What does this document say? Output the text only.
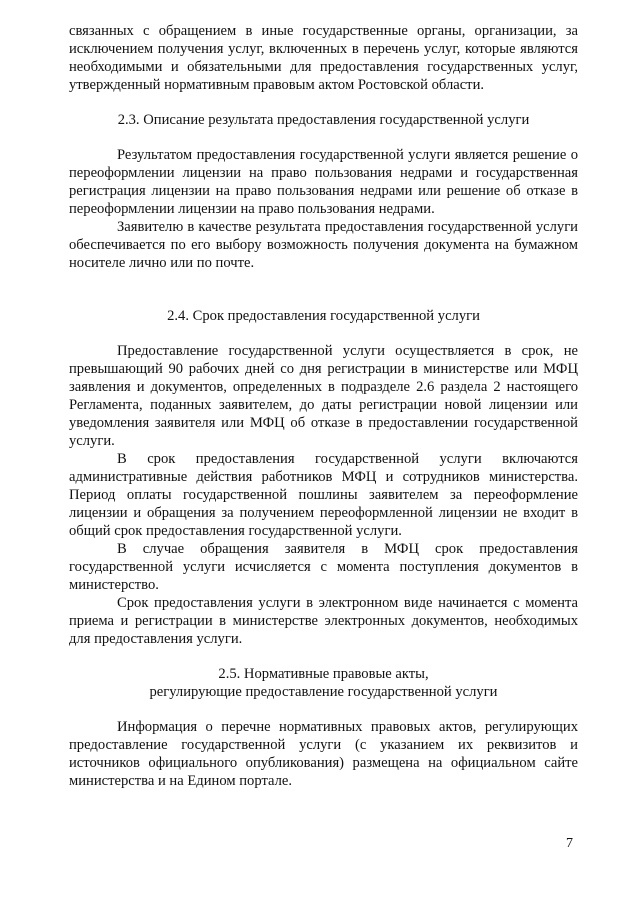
связанных с обращением в иные государственные органы, организации, за исключением получения услуг, включенных в перечень услуг, которые являются необходимыми и обязательными для предоставления государственных услуг, утвержденный нормативным правовым актом Ростовской области.

2.3. Описание результата предоставления государственной услуги

Результатом предоставления государственной услуги является решение о переоформлении лицензии на право пользования недрами и государственная регистрация лицензии на право пользования недрами или решение об отказе в переоформлении лицензии на право пользования недрами.

Заявителю в качестве результата предоставления государственной услуги обеспечивается по его выбору возможность получения документа на бумажном носителе лично или по почте.

2.4. Срок предоставления государственной услуги

Предоставление государственной услуги осуществляется в срок, не превышающий 90 рабочих дней со дня регистрации в министерстве или МФЦ заявления и документов, определенных в подразделе 2.6 раздела 2 настоящего Регламента, поданных заявителем, до даты регистрации новой лицензии или уведомления заявителя или МФЦ об отказе в предоставлении государственной услуги.

В срок предоставления государственной услуги включаются административные действия работников МФЦ и сотрудников министерства. Период оплаты государственной пошлины заявителем за переоформление лицензии и обращения за получением переоформленной лицензии не входит в общий срок предоставления государственной услуги.

В случае обращения заявителя в МФЦ срок предоставления государственной услуги исчисляется с момента поступления документов в министерство.

Срок предоставления услуги в электронном виде начинается с момента приема и регистрации в министерстве электронных документов, необходимых для предоставления услуги.

2.5. Нормативные правовые акты,

регулирующие предоставление государственной услуги

Информация о перечне нормативных правовых актов, регулирующих предоставление государственной услуги (с указанием их реквизитов и источников официального опубликования) размещена на официальном сайте министерства и на Едином портале.

7
